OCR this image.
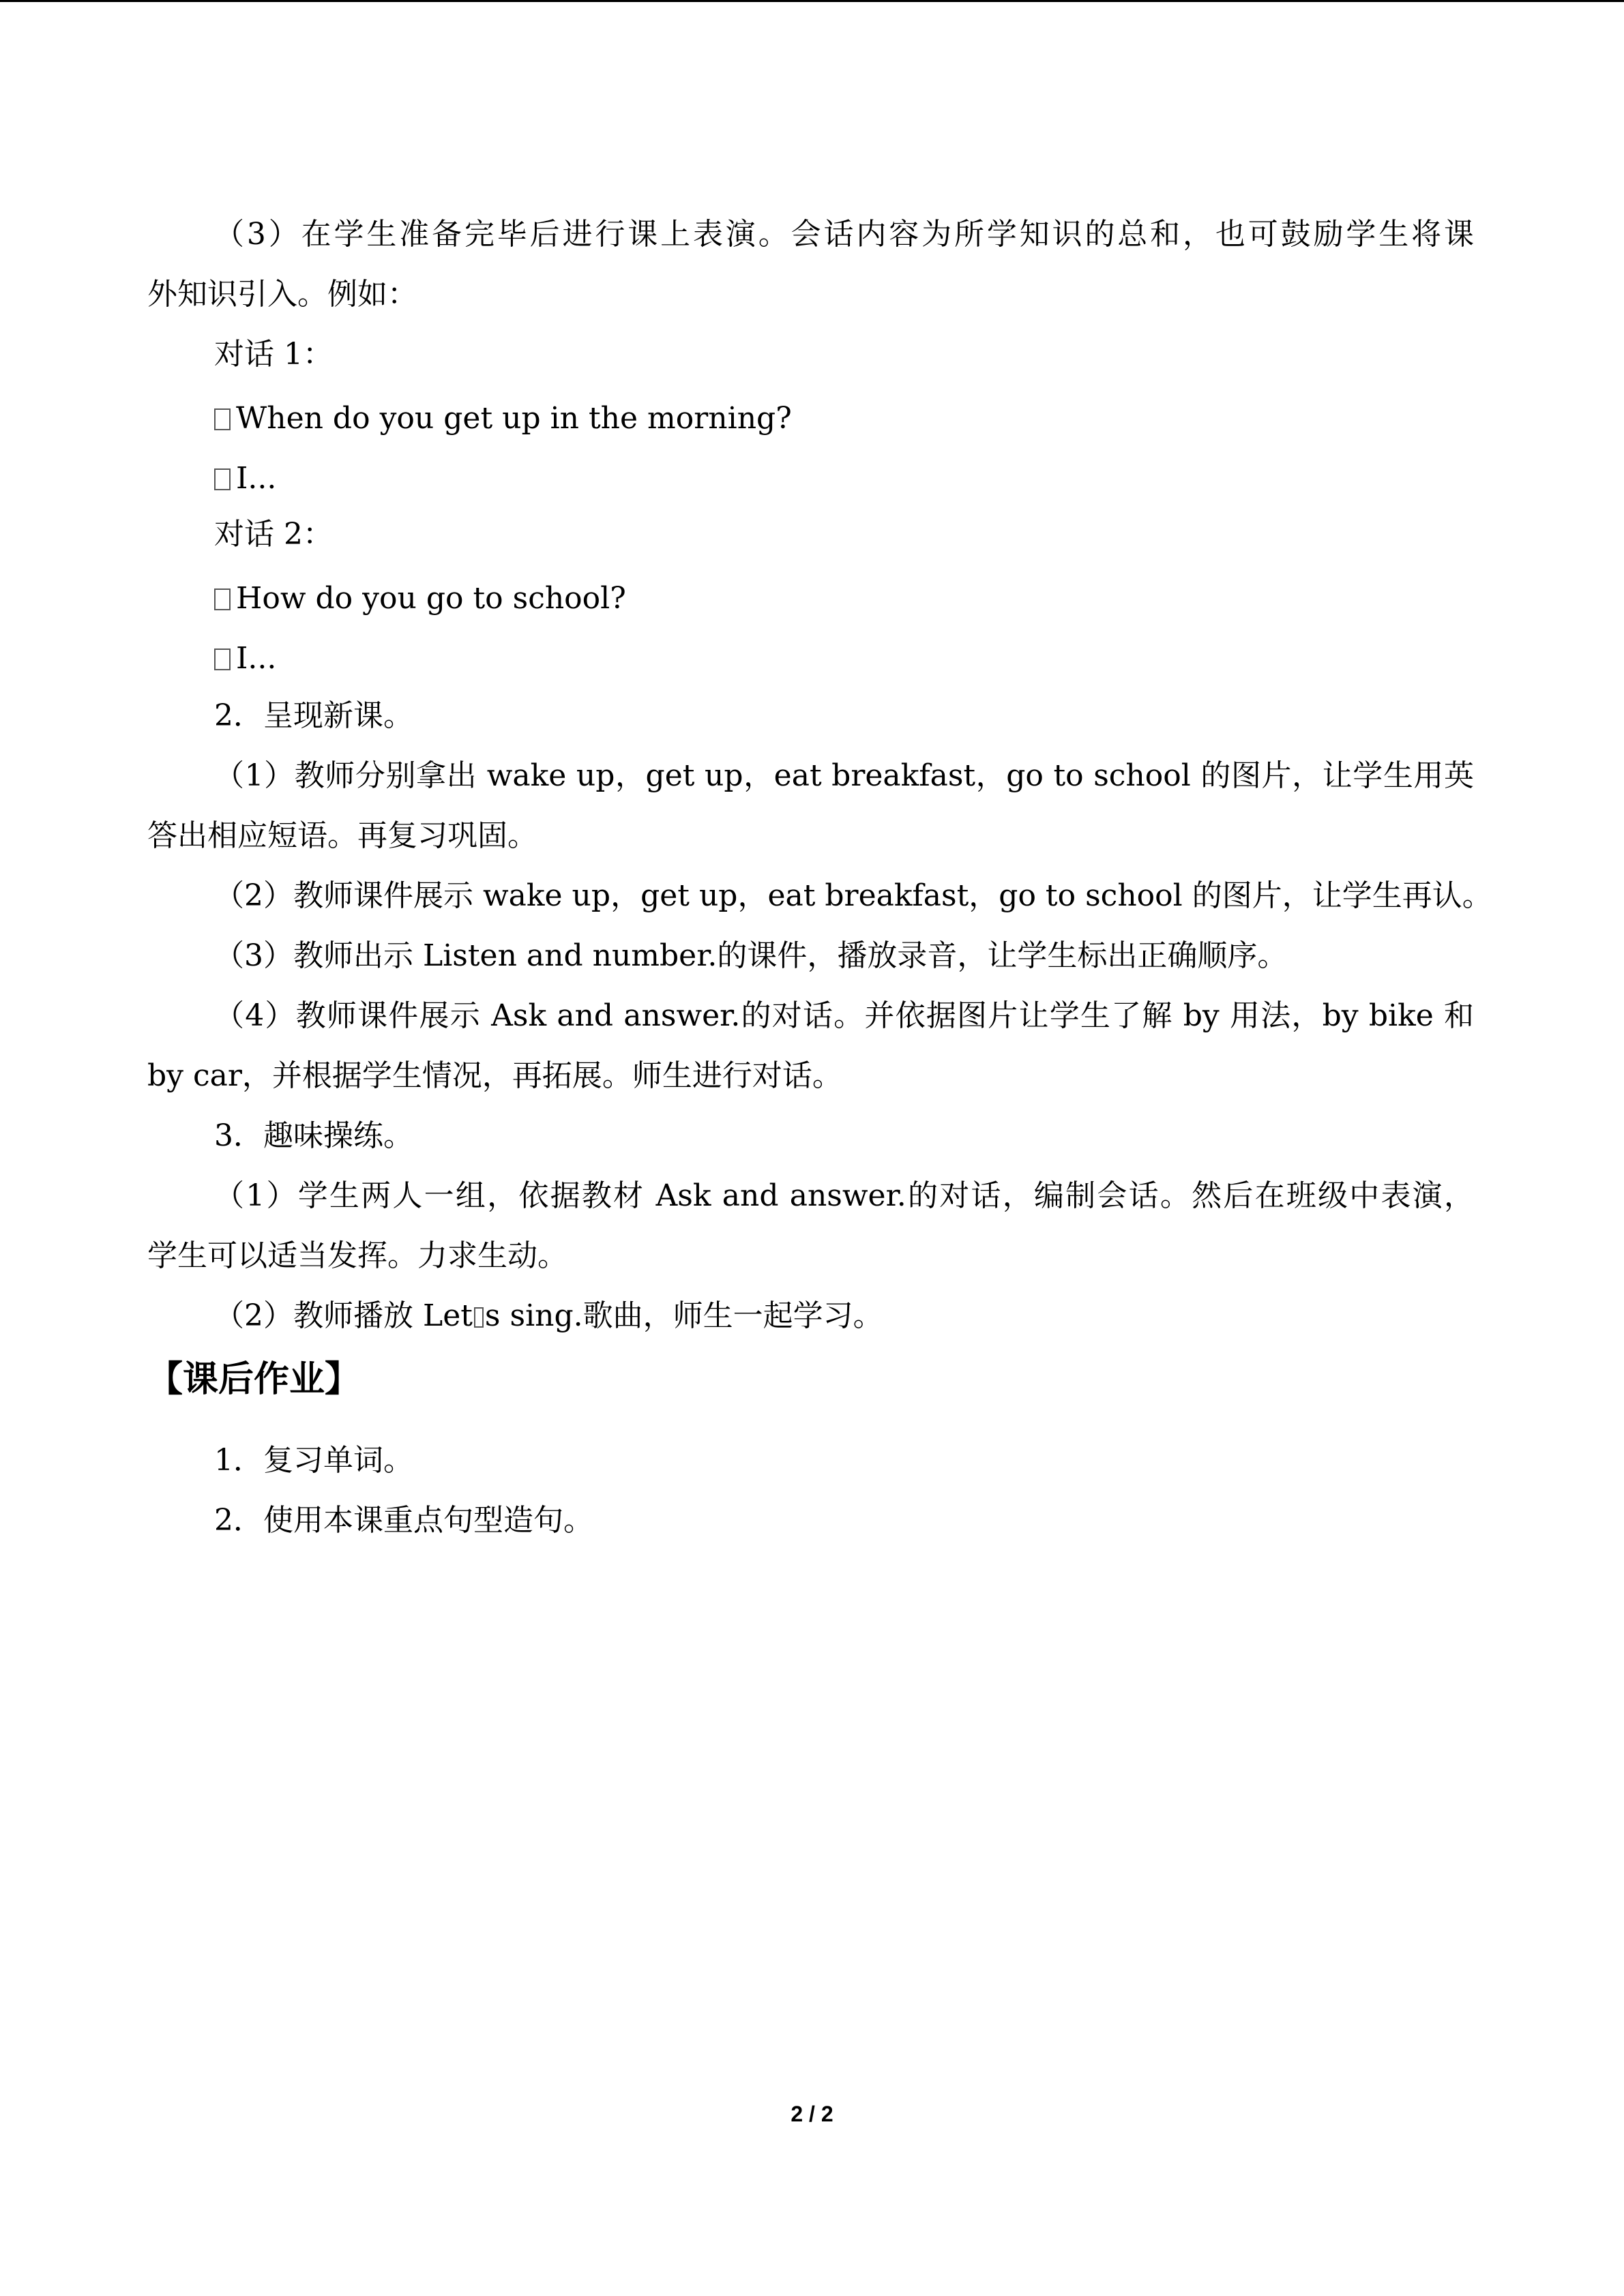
（3）在学生准备完毕后进行课上表演。会话内容为所学知识的总和，也可鼓励学生将课
外知识引入。例如：
对话 1：
When do you get up in the morning?
I...
对话 2：
How do you go to school?
I...
2．呈现新课。
（1）教师分别拿出 wake up，get up，eat breakfast，go to school 的图片，让学生用英
答出相应短语。再复习巩固。
（2）教师课件展示 wake up，get up，eat breakfast，go to school 的图片，让学生再认。
（3）教师出示 Listen and number.的课件，播放录音，让学生标出正确顺序。
（4）教师课件展示 Ask and answer.的对话。并依据图片让学生了解 by 用法，by bike 和
by car，并根据学生情况，再拓展。师生进行对话。
3．趣味操练。
（1）学生两人一组，依据教材 Ask and answer.的对话，编制会话。然后在班级中表演，
学生可以适当发挥。力求生动。
（2）教师播放 Let s sing.歌曲，师生一起学习。
【课后作业】
1．复习单词。
2．使用本课重点句型造句。
2 / 2
